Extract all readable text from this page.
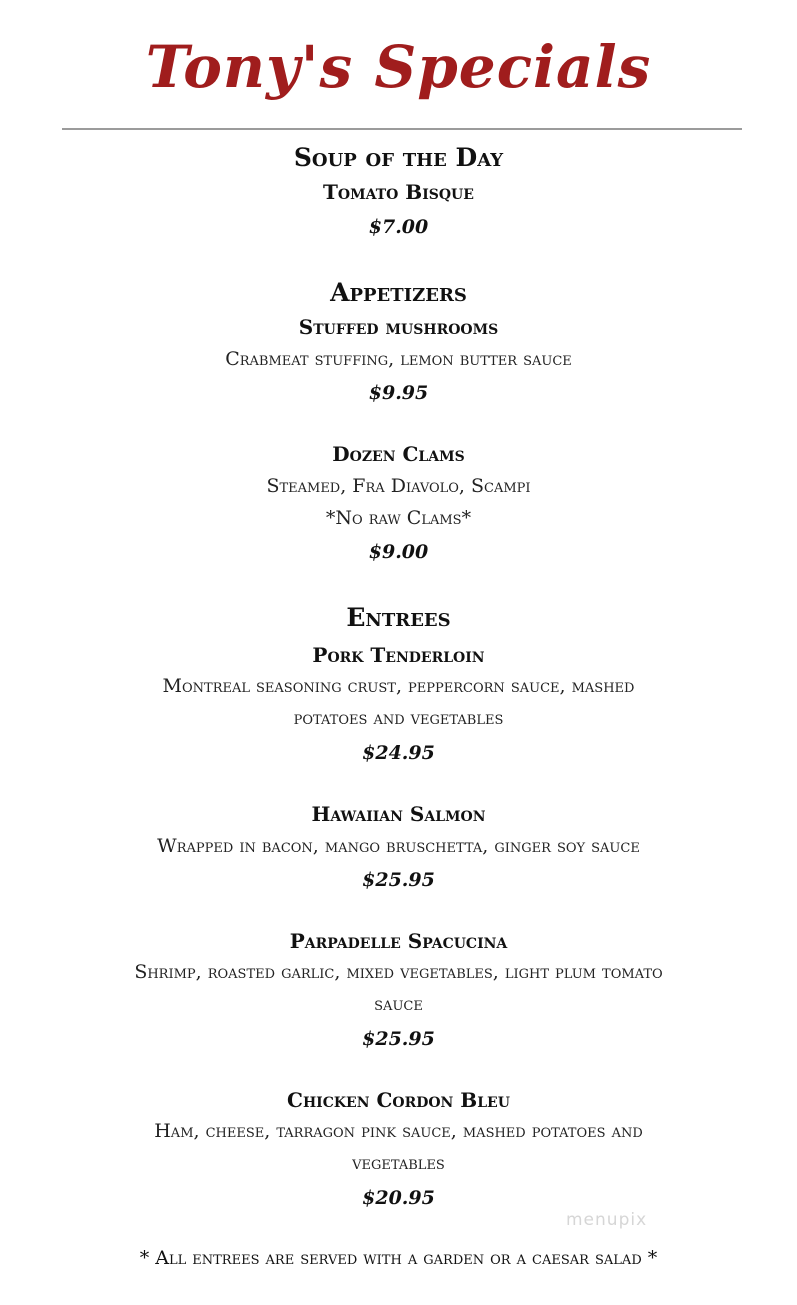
Tony's Specials

Soup of the Day

Tomato Bisque

$7.00

Appetizers

Stuffed mushrooms

Crabmeat stuffing, lemon butter sauce

$9.95

Dozen Clams

Steamed, Fra Diavolo, Scampi

*No raw Clams*

$9.00

Entrees

Pork Tenderloin

Montreal seasoning crust, peppercorn sauce, mashed

potatoes and vegetables

$24.95

Hawaiian Salmon

Wrapped in bacon, mango bruschetta, ginger soy sauce

$25.95

Parpadelle Spacucina

Shrimp, roasted garlic, mixed vegetables, light plum tomato

sauce

$25.95

Chicken Cordon Bleu

Ham, cheese, tarragon pink sauce, mashed potatoes and

vegetables

$20.95

menupix

* All entrees are served with a garden or a caesar salad *
